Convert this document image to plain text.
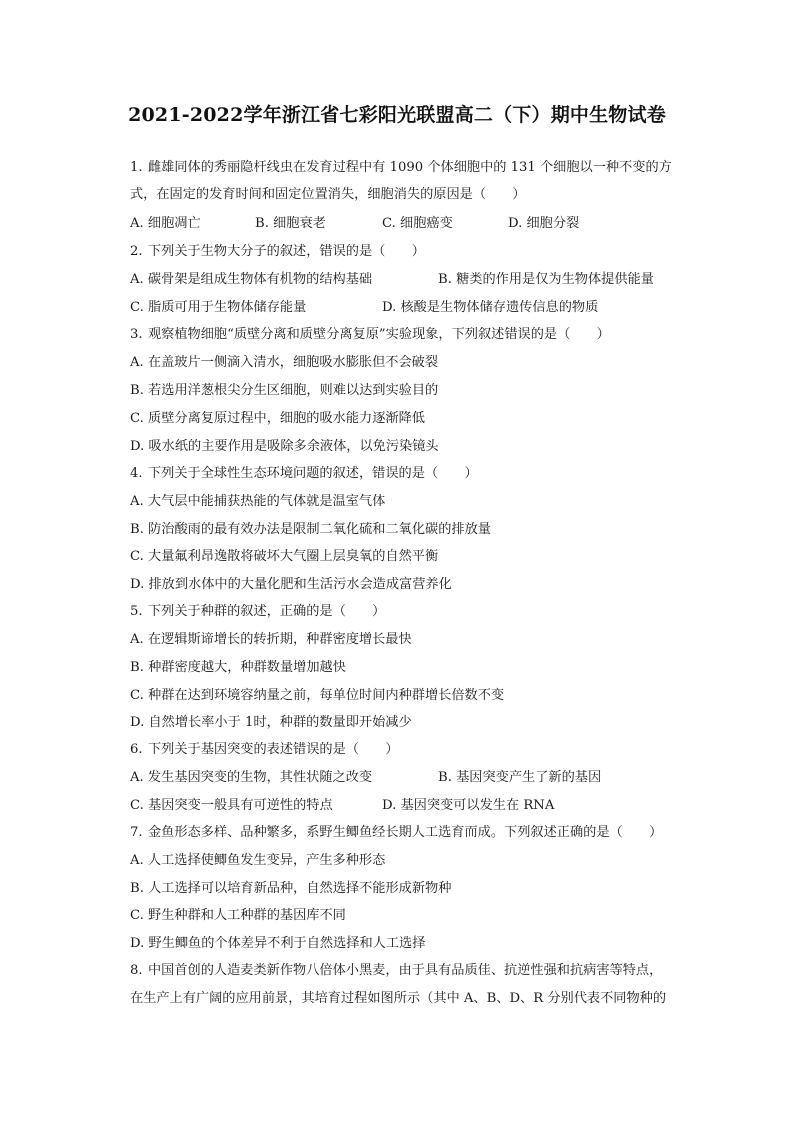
2021-2022学年浙江省七彩阳光联盟高二（下）期中生物试卷
1. 雌雄同体的秀丽隐杆线虫在发育过程中有 1090 个体细胞中的 131 个细胞以一种不变的方
式，在固定的发育时间和固定位置消失，细胞消失的原因是（　　）
A. 细胞凋亡	B. 细胞衰老	C. 细胞癌变	D. 细胞分裂
2. 下列关于生物大分子的叙述，错误的是（　　）
A. 碳骨架是组成生物体有机物的结构基础	B. 糖类的作用是仅为生物体提供能量
C. 脂质可用于生物体储存能量	D. 核酸是生物体储存遗传信息的物质
3. 观察植物细胞“质壁分离和质壁分离复原”实验现象，下列叙述错误的是（　　）
A. 在盖玻片一侧滴入清水，细胞吸水膨胀但不会破裂
B. 若选用洋葱根尖分生区细胞，则难以达到实验目的
C. 质壁分离复原过程中，细胞的吸水能力逐渐降低
D. 吸水纸的主要作用是吸除多余液体，以免污染镜头
4. 下列关于全球性生态环境问题的叙述，错误的是（　　）
A. 大气层中能捕获热能的气体就是温室气体
B. 防治酸雨的最有效办法是限制二氧化硫和二氧化碳的排放量
C. 大量氟利昂逸散将破坏大气圈上层臭氧的自然平衡
D. 排放到水体中的大量化肥和生活污水会造成富营养化
5. 下列关于种群的叙述，正确的是（　　）
A. 在逻辑斯谛增长的转折期，种群密度增长最快
B. 种群密度越大，种群数量增加越快
C. 种群在达到环境容纳量之前，每单位时间内种群增长倍数不变
D. 自然增长率小于 1时，种群的数量即开始减少
6. 下列关于基因突变的表述错误的是（　　）
A. 发生基因突变的生物，其性状随之改变	B. 基因突变产生了新的基因
C. 基因突变一般具有可逆性的特点	D. 基因突变可以发生在 RNA
7. 金鱼形态多样、品种繁多，系野生鲫鱼经长期人工选育而成。下列叙述正确的是（　　）
A. 人工选择使鲫鱼发生变异，产生多种形态
B. 人工选择可以培育新品种，自然选择不能形成新物种
C. 野生种群和人工种群的基因库不同
D. 野生鲫鱼的个体差异不利于自然选择和人工选择
8. 中国首创的人造麦类新作物八倍体小黑麦，由于具有品质佳、抗逆性强和抗病害等特点，
在生产上有广阔的应用前景，其培育过程如图所示（其中 A、B、D、R 分别代表不同物种的
